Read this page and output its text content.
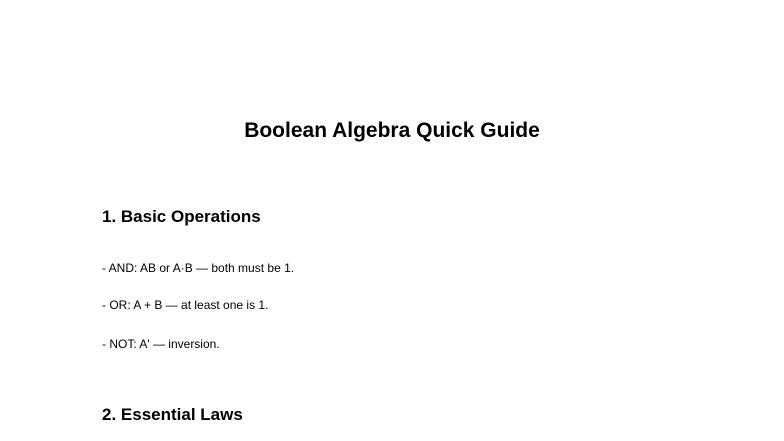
Boolean Algebra Quick Guide
1. Basic Operations

- AND: AB or A·B — both must be 1.

- OR: A + B — at least one is 1.

- NOT: A' — inversion.

2. Essential Laws
